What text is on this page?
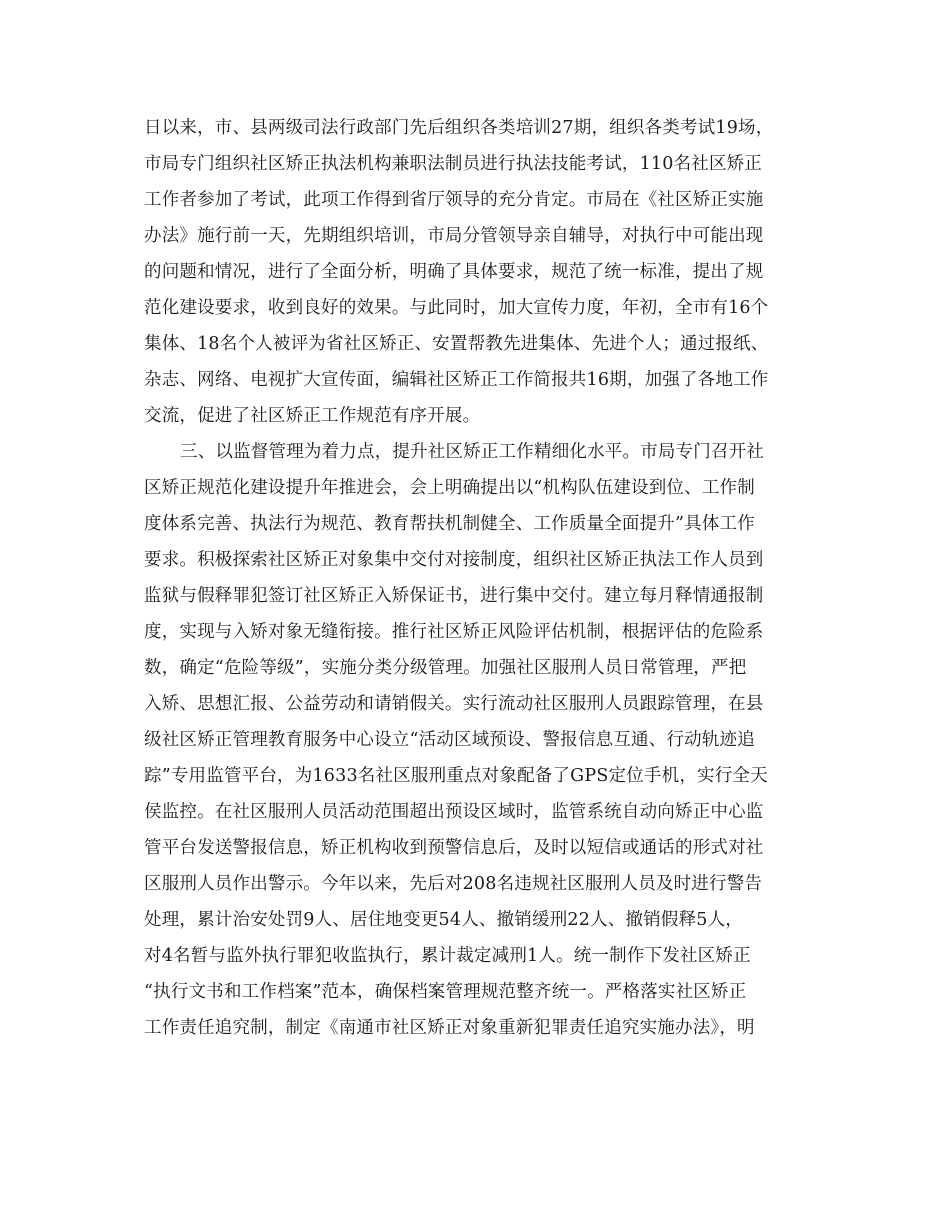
日以来，市、县两级司法行政部门先后组织各类培训27期，组织各类考试19场，
市局专门组织社区矫正执法机构兼职法制员进行执法技能考试，110名社区矫正
工作者参加了考试，此项工作得到省厅领导的充分肯定。市局在《社区矫正实施
办法》施行前一天，先期组织培训，市局分管领导亲自辅导，对执行中可能出现
的问题和情况，进行了全面分析，明确了具体要求，规范了统一标准，提出了规
范化建设要求，收到良好的效果。与此同时，加大宣传力度，年初，全市有16个
集体、18名个人被评为省社区矫正、安置帮教先进集体、先进个人；通过报纸、
杂志、网络、电视扩大宣传面，编辑社区矫正工作简报共16期，加强了各地工作
交流，促进了社区矫正工作规范有序开展。
三、以监督管理为着力点，提升社区矫正工作精细化水平。市局专门召开社
区矫正规范化建设提升年推进会，会上明确提出以“机构队伍建设到位、工作制
度体系完善、执法行为规范、教育帮扶机制健全、工作质量全面提升”具体工作
要求。积极探索社区矫正对象集中交付对接制度，组织社区矫正执法工作人员到
监狱与假释罪犯签订社区矫正入矫保证书，进行集中交付。建立每月释情通报制
度，实现与入矫对象无缝衔接。推行社区矫正风险评估机制，根据评估的危险系
数，确定“危险等级”，实施分类分级管理。加强社区服刑人员日常管理，严把
入矫、思想汇报、公益劳动和请销假关。实行流动社区服刑人员跟踪管理，在县
级社区矫正管理教育服务中心设立“活动区域预设、警报信息互通、行动轨迹追
踪”专用监管平台，为1633名社区服刑重点对象配备了GPS定位手机，实行全天
侯监控。在社区服刑人员活动范围超出预设区域时，监管系统自动向矫正中心监
管平台发送警报信息，矫正机构收到预警信息后，及时以短信或通话的形式对社
区服刑人员作出警示。今年以来，先后对208名违规社区服刑人员及时进行警告
处理，累计治安处罚9人、居住地变更54人、撤销缓刑22人、撤销假释5人，
对4名暂与监外执行罪犯收监执行，累计裁定减刑1人。统一制作下发社区矫正
“执行文书和工作档案”范本，确保档案管理规范整齐统一。严格落实社区矫正
工作责任追究制，制定《南通市社区矫正对象重新犯罪责任追究实施办法》，明
